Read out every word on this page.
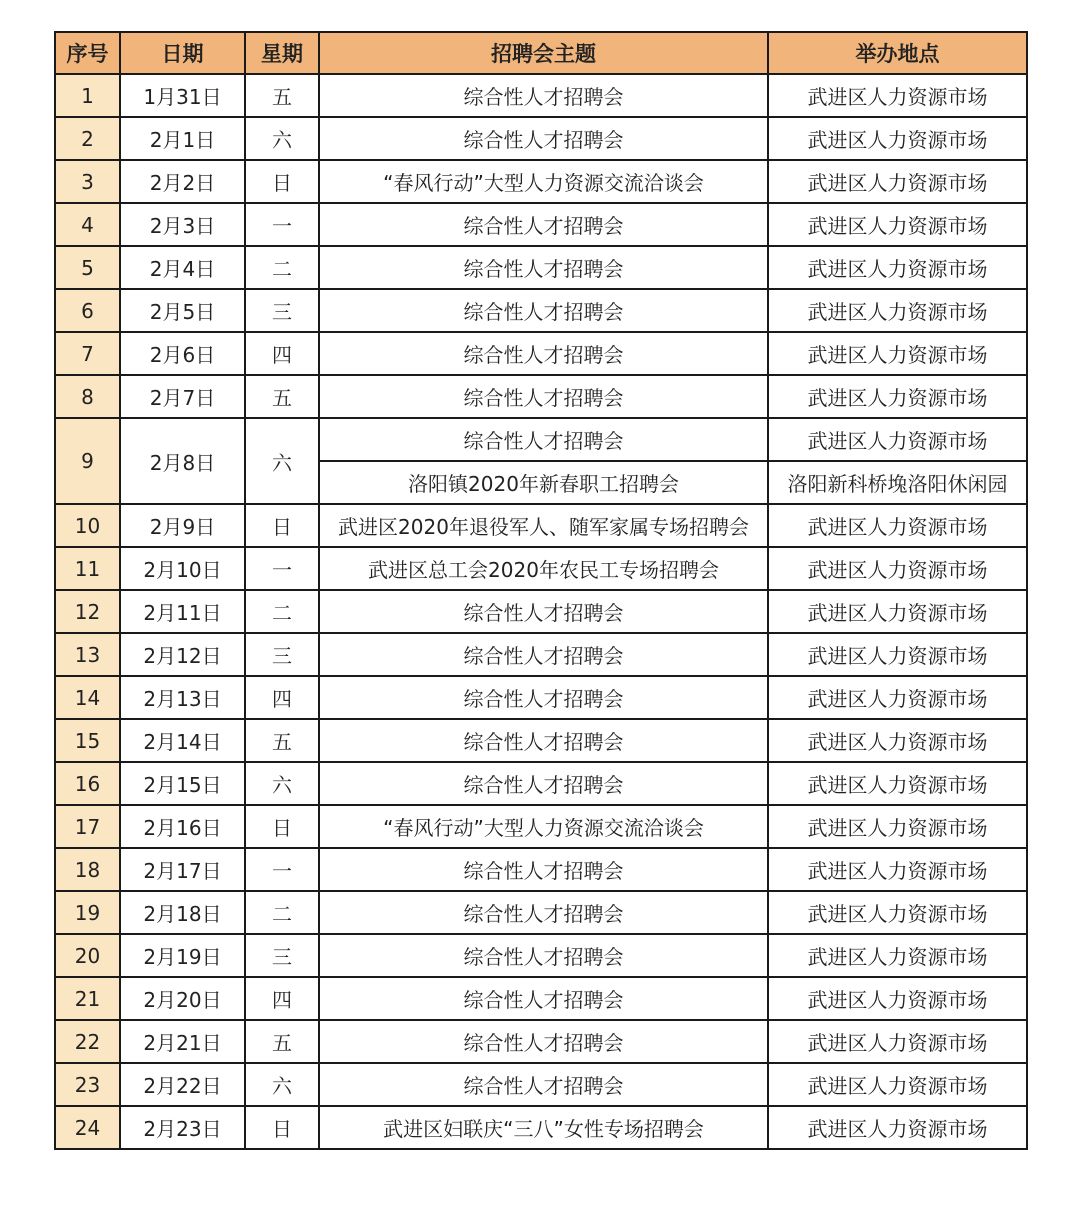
序号	日期	星期	招聘会主题	举办地点
1	1月31日	五	综合性人才招聘会	武进区人力资源市场
2	2月1日	六	综合性人才招聘会	武进区人力资源市场
3	2月2日	日	“春风行动”大型人力资源交流洽谈会	武进区人力资源市场
4	2月3日	一	综合性人才招聘会	武进区人力资源市场
5	2月4日	二	综合性人才招聘会	武进区人力资源市场
6	2月5日	三	综合性人才招聘会	武进区人力资源市场
7	2月6日	四	综合性人才招聘会	武进区人力资源市场
8	2月7日	五	综合性人才招聘会	武进区人力资源市场
9	2月8日	六	综合性人才招聘会	武进区人力资源市场
			洛阳镇2020年新春职工招聘会	洛阳新科桥堍洛阳休闲园
10	2月9日	日	武进区2020年退役军人、随军家属专场招聘会	武进区人力资源市场
11	2月10日	一	武进区总工会2020年农民工专场招聘会	武进区人力资源市场
12	2月11日	二	综合性人才招聘会	武进区人力资源市场
13	2月12日	三	综合性人才招聘会	武进区人力资源市场
14	2月13日	四	综合性人才招聘会	武进区人力资源市场
15	2月14日	五	综合性人才招聘会	武进区人力资源市场
16	2月15日	六	综合性人才招聘会	武进区人力资源市场
17	2月16日	日	“春风行动”大型人力资源交流洽谈会	武进区人力资源市场
18	2月17日	一	综合性人才招聘会	武进区人力资源市场
19	2月18日	二	综合性人才招聘会	武进区人力资源市场
20	2月19日	三	综合性人才招聘会	武进区人力资源市场
21	2月20日	四	综合性人才招聘会	武进区人力资源市场
22	2月21日	五	综合性人才招聘会	武进区人力资源市场
23	2月22日	六	综合性人才招聘会	武进区人力资源市场
24	2月23日	日	武进区妇联庆“三八”女性专场招聘会	武进区人力资源市场
